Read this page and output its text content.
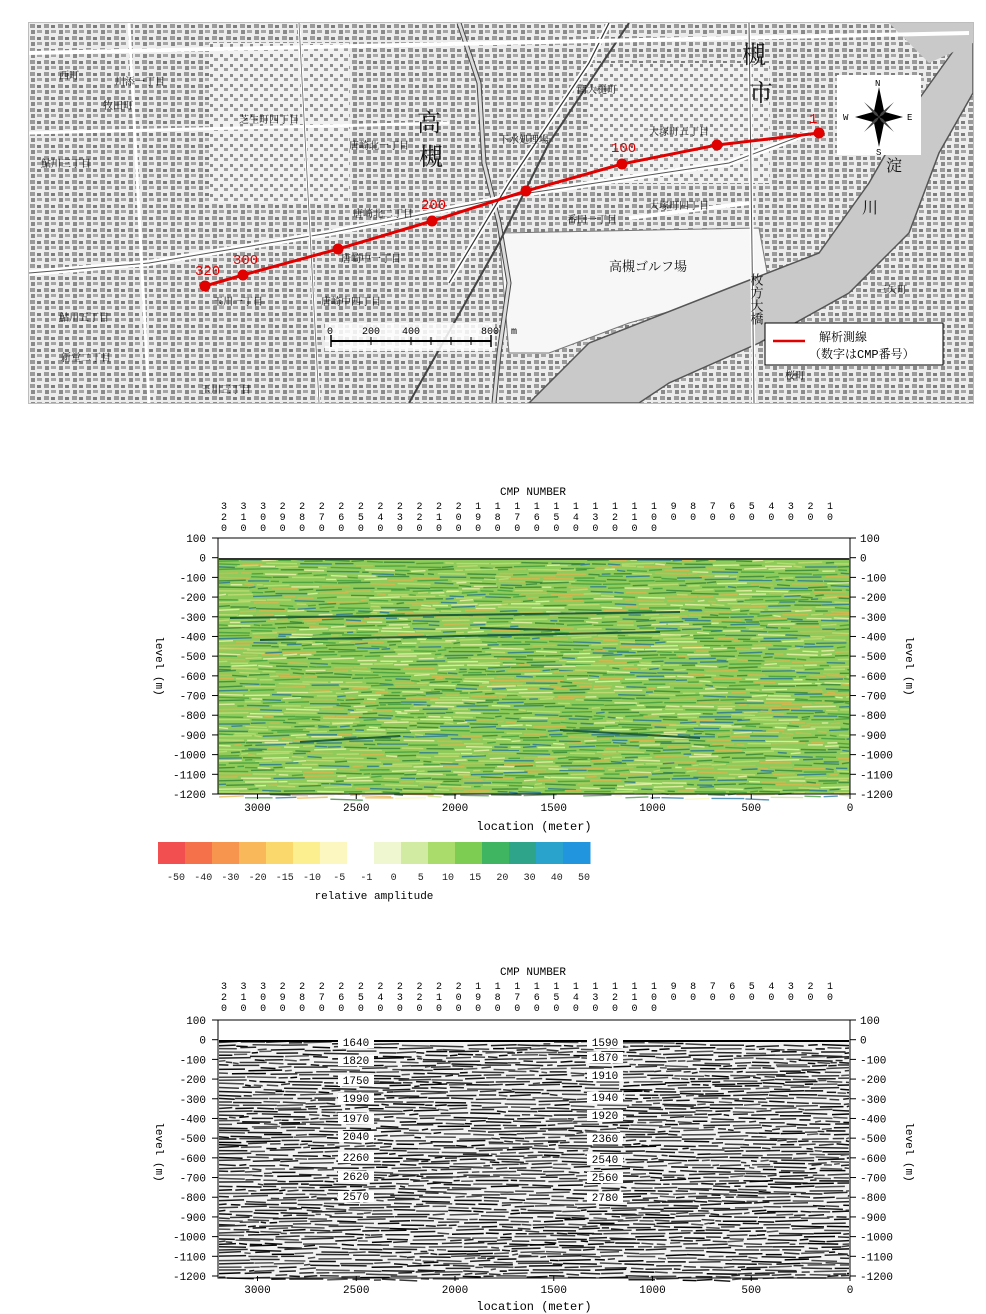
1
100
200
300
320
高
槻
槻
市
淀
川
高槻ゴルフ場
枚方大橋
唐崎北二丁目
唐崎中一丁目
唐崎中四丁目
唐崎北一丁目
大塚町五丁目
大塚町四丁目
番田一丁目
下水処理場
南大樋町
芝生町四丁目
玉川一丁目
玉川三丁目
鮎川五丁目
鮎川三丁目
新堂二丁目
川添一丁目
牧田町
西町
三矢町
桜町
0	200 400	800 m
N
S
W	E
解析測線
（数字はCMP番号）
CMP NUMBER
3
2
0
3
1
0
3
0
0
2
9
0
2
8
0
2
7
0
2
6
0
2
5
0
2
4
0
2
3
0
2
2
0
2
1
0
2
0
0
1
9
0
1
8
0
1
7
0
1
6
0
1
5
0
1
4
0
1
3
0
1
2
0
1
1
0
1
0
0
9
0
8
0
7
0
6
0
5
0
4
0
3
0
2
0
1
0
100	100
0	0
-100	-100
-200	-200
-300	-300
-400	-400
-500	-500
-600	-600
-700	-700
-800	-800
-900	-900
-1000	-1000
-1100	-1100
-1200	-1200
3000	2500	2000	1500	1000	500	0
location (meter)
level (m)	level (m)
-50 -40 -30 -20 -15 -10 -5 -1 0 5 10 15 20 30 40 50
relative amplitude
CMP NUMBER
3
2
0
3
1
0
3
0
0
2
9
0
2
8
0
2
7
0
2
6
0
2
5
0
2
4
0
2
3
0
2
2
0
2
1
0
2
0
0
1
9
0
1
8
0
1
7
0
1
6
0
1
5
0
1
4
0
1
3
0
1
2
0
1
1
0
1
0
0
9
0
8
0
7
0
6
0
5
0
4
0
3
0
2
0
1
0
100	100
0	0
-100	-100
-200	-200
-300	-300
-400	-400
-500	-500
-600	-600
-700	-700
-800	-800
-900	-900
-1000	-1000
-1100	-1100
-1200	-1200
1640
1820
1750
1990
1970
2040
2260
2620
2570
1590
1870
1910
1940
1920
2360
2540
2560
2780
3000	2500	2000	1500	1000	500	0
location (meter)
level (m)	level (m)
